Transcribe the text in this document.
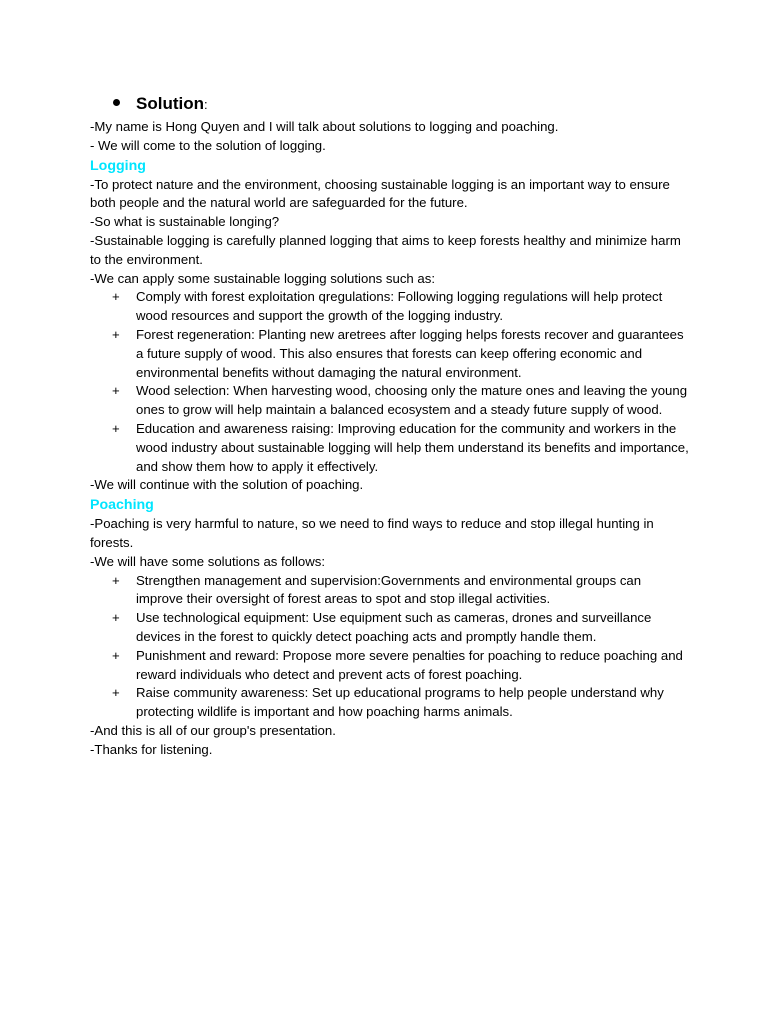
Solution:

-My name is Hong Quyen and I will talk about solutions to logging and poaching.

- We will come to the solution of logging.

Logging

-To protect nature and the environment, choosing sustainable logging is an important way to ensure both people and the natural world are safeguarded for the future.

-So what is sustainable longing?

-Sustainable logging is carefully planned logging that aims to keep forests healthy and minimize harm to the environment.

-We can apply some sustainable logging solutions such as:

+ Comply with forest exploitation qregulations: Following logging regulations will help protect wood resources and support the growth of the logging industry.
+ Forest regeneration: Planting new aretrees after logging helps forests recover and guarantees a future supply of wood. This also ensures that forests can keep offering economic and environmental benefits without damaging the natural environment.
+ Wood selection: When harvesting wood, choosing only the mature ones and leaving the young ones to grow will help maintain a balanced ecosystem and a steady future supply of wood.
+ Education and awareness raising: Improving education for the community and workers in the wood industry about sustainable logging will help them understand its benefits and importance, and show them how to apply it effectively.

-We will continue with the solution of poaching.

Poaching

-Poaching is very harmful to nature, so we need to find ways to reduce and stop illegal hunting in forests.

-We will have some solutions as follows:

+ Strengthen management and supervision:Governments and environmental groups can improve their oversight of forest areas to spot and stop illegal activities.
+ Use technological equipment: Use equipment such as cameras, drones and surveillance devices in the forest to quickly detect poaching acts and promptly handle them.
+ Punishment and reward: Propose more severe penalties for poaching to reduce poaching and reward individuals who detect and prevent acts of forest poaching.
+ Raise community awareness: Set up educational programs to help people understand why protecting wildlife is important and how poaching harms animals.

-And this is all of our group's presentation.

-Thanks for listening.
